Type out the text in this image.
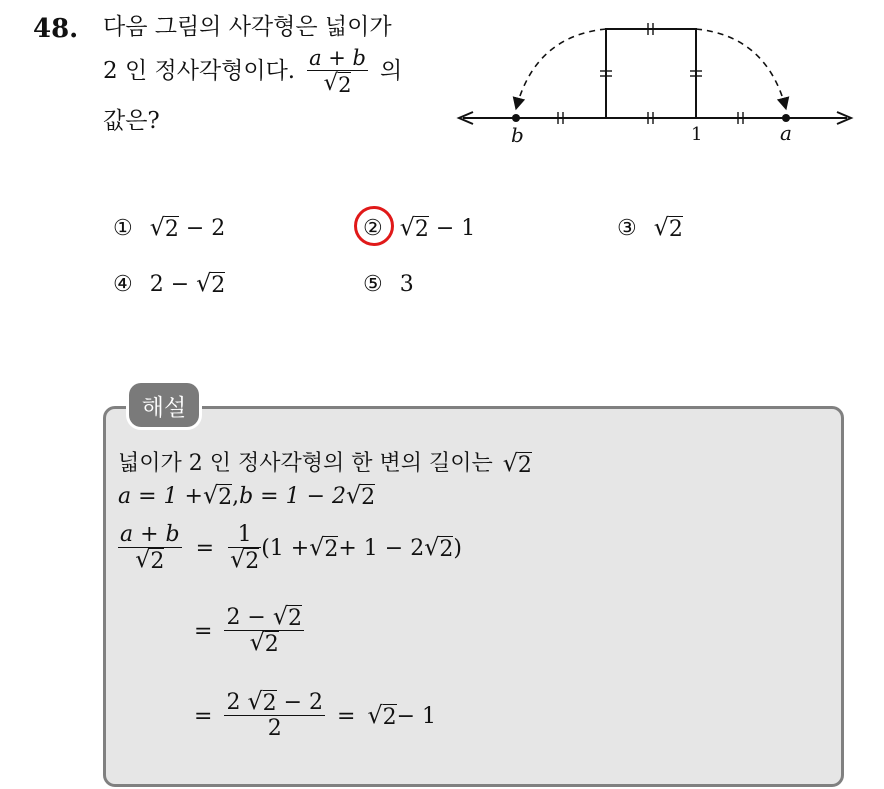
48. 다음 그림의 사각형은 넓이가
2 인 정사각형이다. $\frac{a + b}{√ 2}$ 의
값은?
b	1	a
① √ 2 − 2	② √ 2 − 1	③ √ 2
④ 2 − √ 2	⑤ 3
해설
넓이가 2 인 정사각형의 한 변의 길이는 √ 2
a = 1 + √ 2 , b = 1 − 2 √ 2
$\frac{a + b}{√ 2} = \frac{1}{√ 2} (1$ + √ 2 + 1 − 2 √ 2 )
= $\frac{2 - √ 2}{√ 2}$
= $\frac{2 √ 2 - 2}{2}$ = √ 2 − 1
